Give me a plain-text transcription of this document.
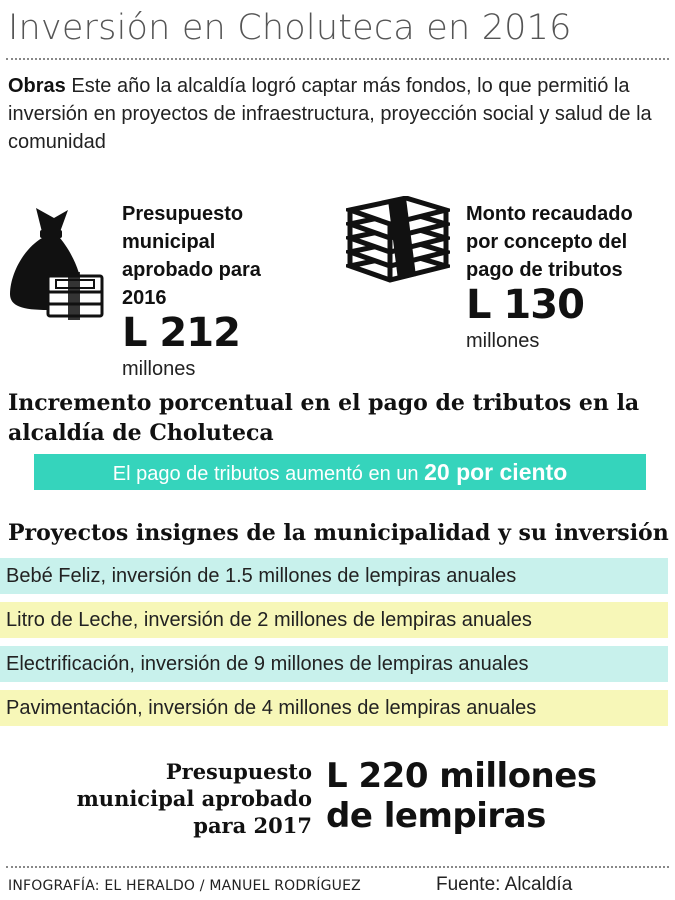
Inversión en Choluteca en 2016
Obras Este año la alcaldía logró captar más fondos, lo que permitió la inversión en proyectos de infraestructura, proyección social y salud de la comunidad
Presupuesto
municipal
aprobado para
2016
L 212
millones
Monto recaudado
por concepto del
pago de tributos
L 130
millones
Incremento porcentual en el pago de tributos en la
alcaldía de Choluteca
El pago de tributos aumentó en un 20 por ciento
Proyectos insignes de la municipalidad y su inversión
Bebé Feliz, inversión de 1.5 millones de lempiras anuales
Litro de Leche, inversión de 2 millones de lempiras anuales
Electrificación, inversión de 9 millones de lempiras anuales
Pavimentación, inversión de 4 millones de lempiras anuales
Presupuesto
municipal aprobado
para 2017
L 220 millones
de lempiras
INFOGRAFÍA: EL HERALDO / MANUEL RODRÍGUEZ	Fuente: Alcaldía
